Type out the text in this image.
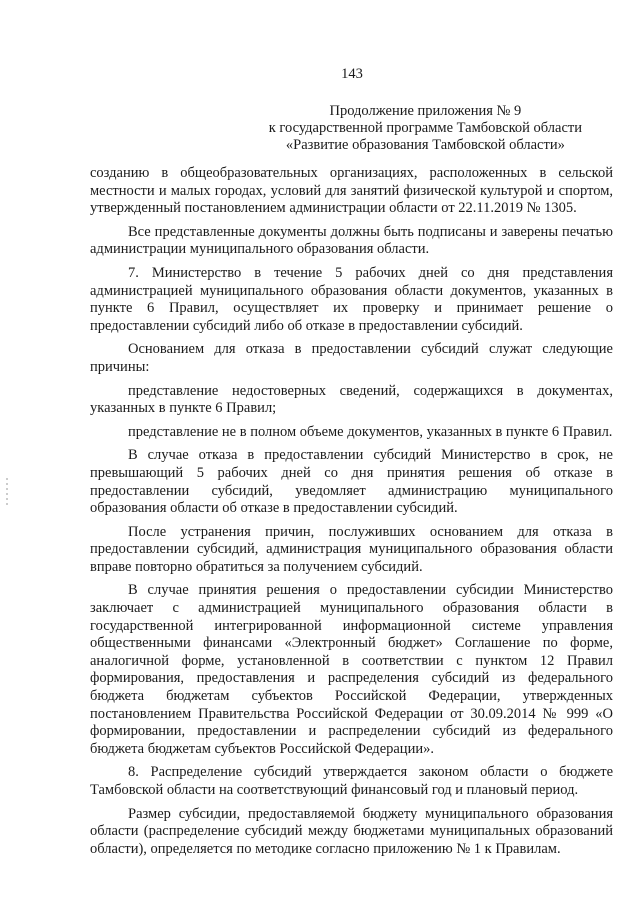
143
Продолжение приложения № 9
к государственной программе Тамбовской области
«Развитие образования Тамбовской области»

созданию в общеобразовательных организациях, расположенных в сельской местности и малых городах, условий для занятий физической культурой и спортом, утвержденный постановлением администрации области от 22.11.2019 № 1305.

Все представленные документы должны быть подписаны и заверены печатью администрации муниципального образования области.

7. Министерство в течение 5 рабочих дней со дня представления администрацией муниципального образования области документов, указанных в пункте 6 Правил, осуществляет их проверку и принимает решение о предоставлении субсидий либо об отказе в предоставлении субсидий.

Основанием для отказа в предоставлении субсидий служат следующие причины:

представление недостоверных сведений, содержащихся в документах, указанных в пункте 6 Правил;

представление не в полном объеме документов, указанных в пункте 6 Правил.

В случае отказа в предоставлении субсидий Министерство в срок, не превышающий 5 рабочих дней со дня принятия решения об отказе в предоставлении субсидий, уведомляет администрацию муниципального образования области об отказе в предоставлении субсидий.

После устранения причин, послуживших основанием для отказа в предоставлении субсидий, администрация муниципального образования области вправе повторно обратиться за получением субсидий.

В случае принятия решения о предоставлении субсидии Министерство заключает с администрацией муниципального образования области в государственной интегрированной информационной системе управления общественными финансами «Электронный бюджет» Соглашение по форме, аналогичной форме, установленной в соответствии с пунктом 12 Правил формирования, предоставления и распределения субсидий из федерального бюджета бюджетам субъектов Российской Федерации, утвержденных постановлением Правительства Российской Федерации от 30.09.2014 № 999 «О формировании, предоставлении и распределении субсидий из федерального бюджета бюджетам субъектов Российской Федерации».

8. Распределение субсидий утверждается законом области о бюджете Тамбовской области на соответствующий финансовый год и плановый период.

Размер субсидии, предоставляемой бюджету муниципального образования области (распределение субсидий между бюджетами муниципальных образований области), определяется по методике согласно приложению № 1 к Правилам.
